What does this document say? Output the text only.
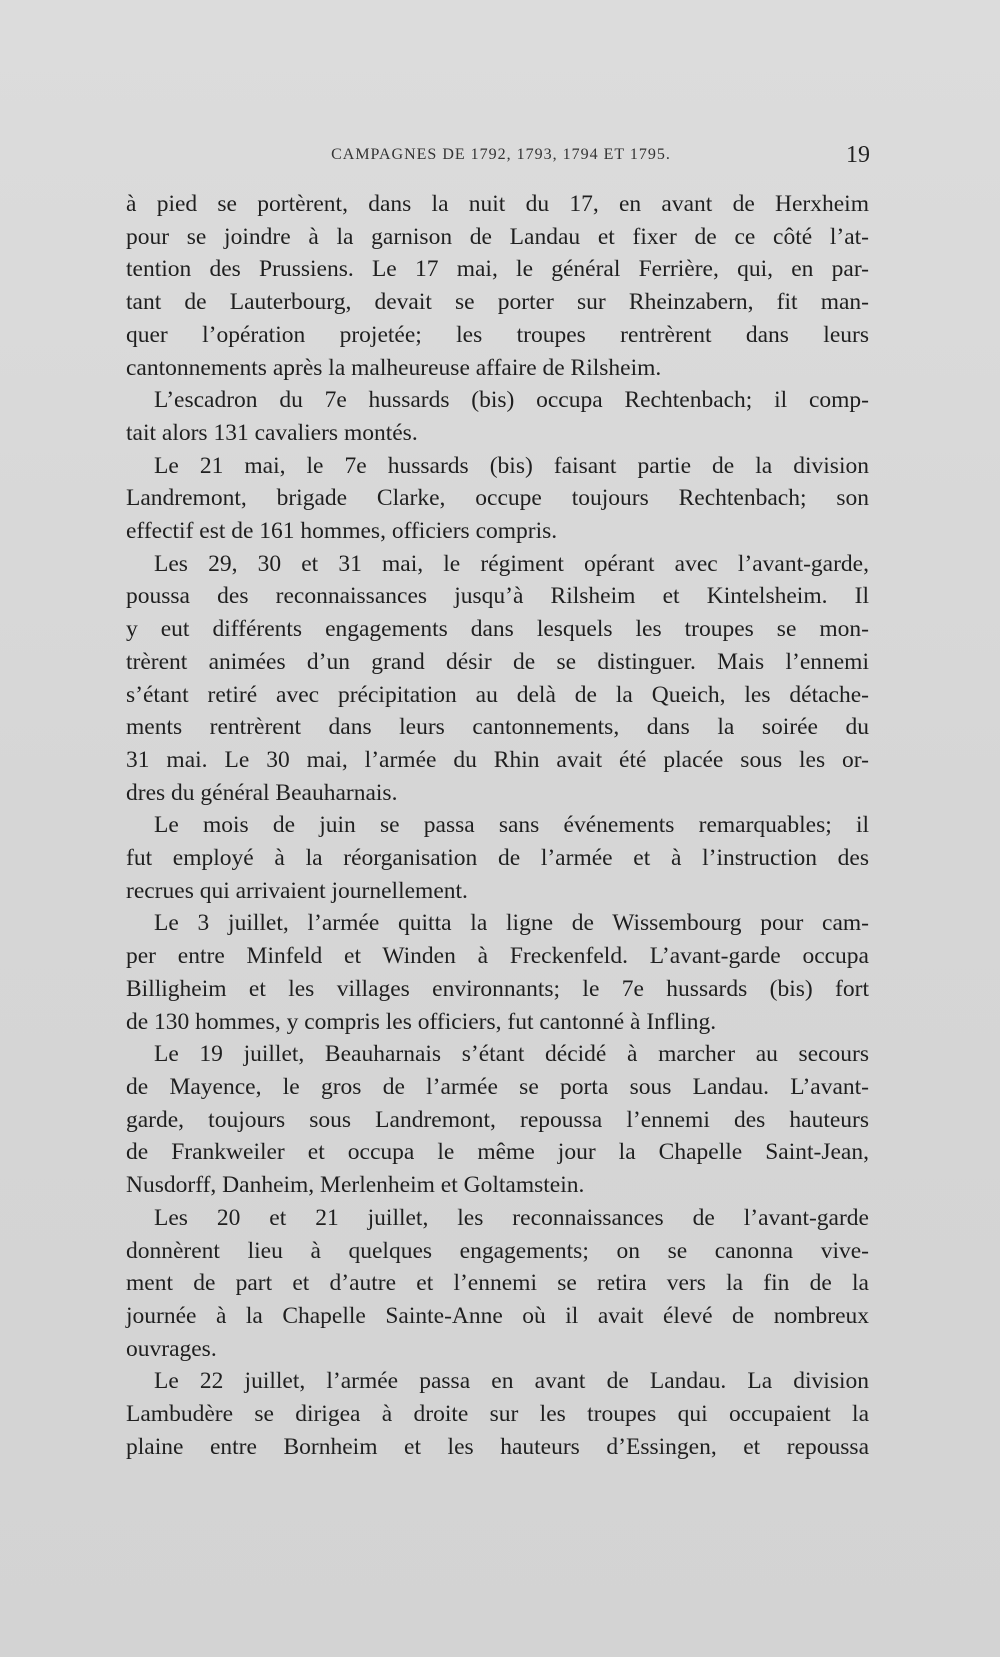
CAMPAGNES DE 1792, 1793, 1794 ET 1795.	19
à pied se portèrent, dans la nuit du 17, en avant de Herxheim
pour se joindre à la garnison de Landau et fixer de ce côté l’at-
tention des Prussiens. Le 17 mai, le général Ferrière, qui, en par-
tant de Lauterbourg, devait se porter sur Rheinzabern, fit man-
quer l’opération projetée; les troupes rentrèrent dans leurs
cantonnements après la malheureuse affaire de Rilsheim.
L’escadron du 7e hussards (bis) occupa Rechtenbach; il comp-
tait alors 131 cavaliers montés.
Le 21 mai, le 7e hussards (bis) faisant partie de la division
Landremont, brigade Clarke, occupe toujours Rechtenbach; son
effectif est de 161 hommes, officiers compris.
Les 29, 30 et 31 mai, le régiment opérant avec l’avant-garde,
poussa des reconnaissances jusqu’à Rilsheim et Kintelsheim. Il
y eut différents engagements dans lesquels les troupes se mon-
trèrent animées d’un grand désir de se distinguer. Mais l’ennemi
s’étant retiré avec précipitation au delà de la Queich, les détache-
ments rentrèrent dans leurs cantonnements, dans la soirée du
31 mai. Le 30 mai, l’armée du Rhin avait été placée sous les or-
dres du général Beauharnais.
Le mois de juin se passa sans événements remarquables; il
fut employé à la réorganisation de l’armée et à l’instruction des
recrues qui arrivaient journellement.
Le 3 juillet, l’armée quitta la ligne de Wissembourg pour cam-
per entre Minfeld et Winden à Freckenfeld. L’avant-garde occupa
Billigheim et les villages environnants; le 7e hussards (bis) fort
de 130 hommes, y compris les officiers, fut cantonné à Infling.
Le 19 juillet, Beauharnais s’étant décidé à marcher au secours
de Mayence, le gros de l’armée se porta sous Landau. L’avant-
garde, toujours sous Landremont, repoussa l’ennemi des hauteurs
de Frankweiler et occupa le même jour la Chapelle Saint-Jean,
Nusdorff, Danheim, Merlenheim et Goltamstein.
Les 20 et 21 juillet, les reconnaissances de l’avant-garde
donnèrent lieu à quelques engagements; on se canonna vive-
ment de part et d’autre et l’ennemi se retira vers la fin de la
journée à la Chapelle Sainte-Anne où il avait élevé de nombreux
ouvrages.
Le 22 juillet, l’armée passa en avant de Landau. La division
Lambudère se dirigea à droite sur les troupes qui occupaient la
plaine entre Bornheim et les hauteurs d’Essingen, et repoussa
